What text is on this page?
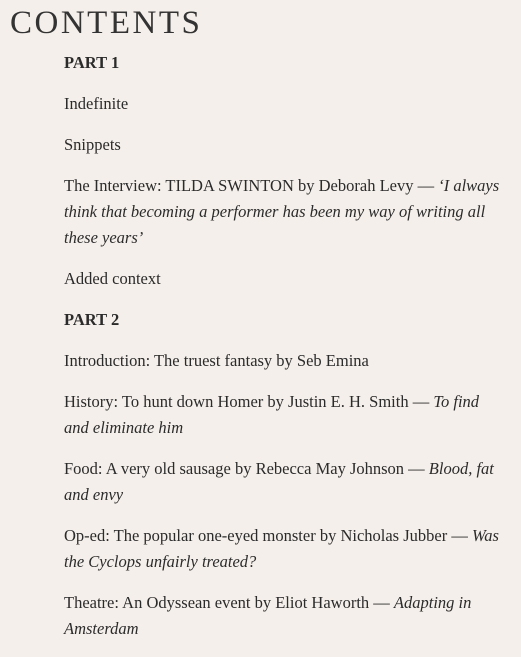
CONTENTS
PART 1
Indefinite
Snippets
The Interview: TILDA SWINTON by Deborah Levy — ‘I always think that becoming a performer has been my way of writing all these years’
Added context
PART 2
Introduction: The truest fantasy by Seb Emina
History: To hunt down Homer by Justin E. H. Smith — To find and eliminate him
Food: A very old sausage by Rebecca May Johnson — Blood, fat and envy
Op-ed: The popular one-eyed monster by Nicholas Jubber — Was the Cyclops unfairly treated?
Theatre: An Odyssean event by Eliot Haworth — Adapting in Amsterdam
